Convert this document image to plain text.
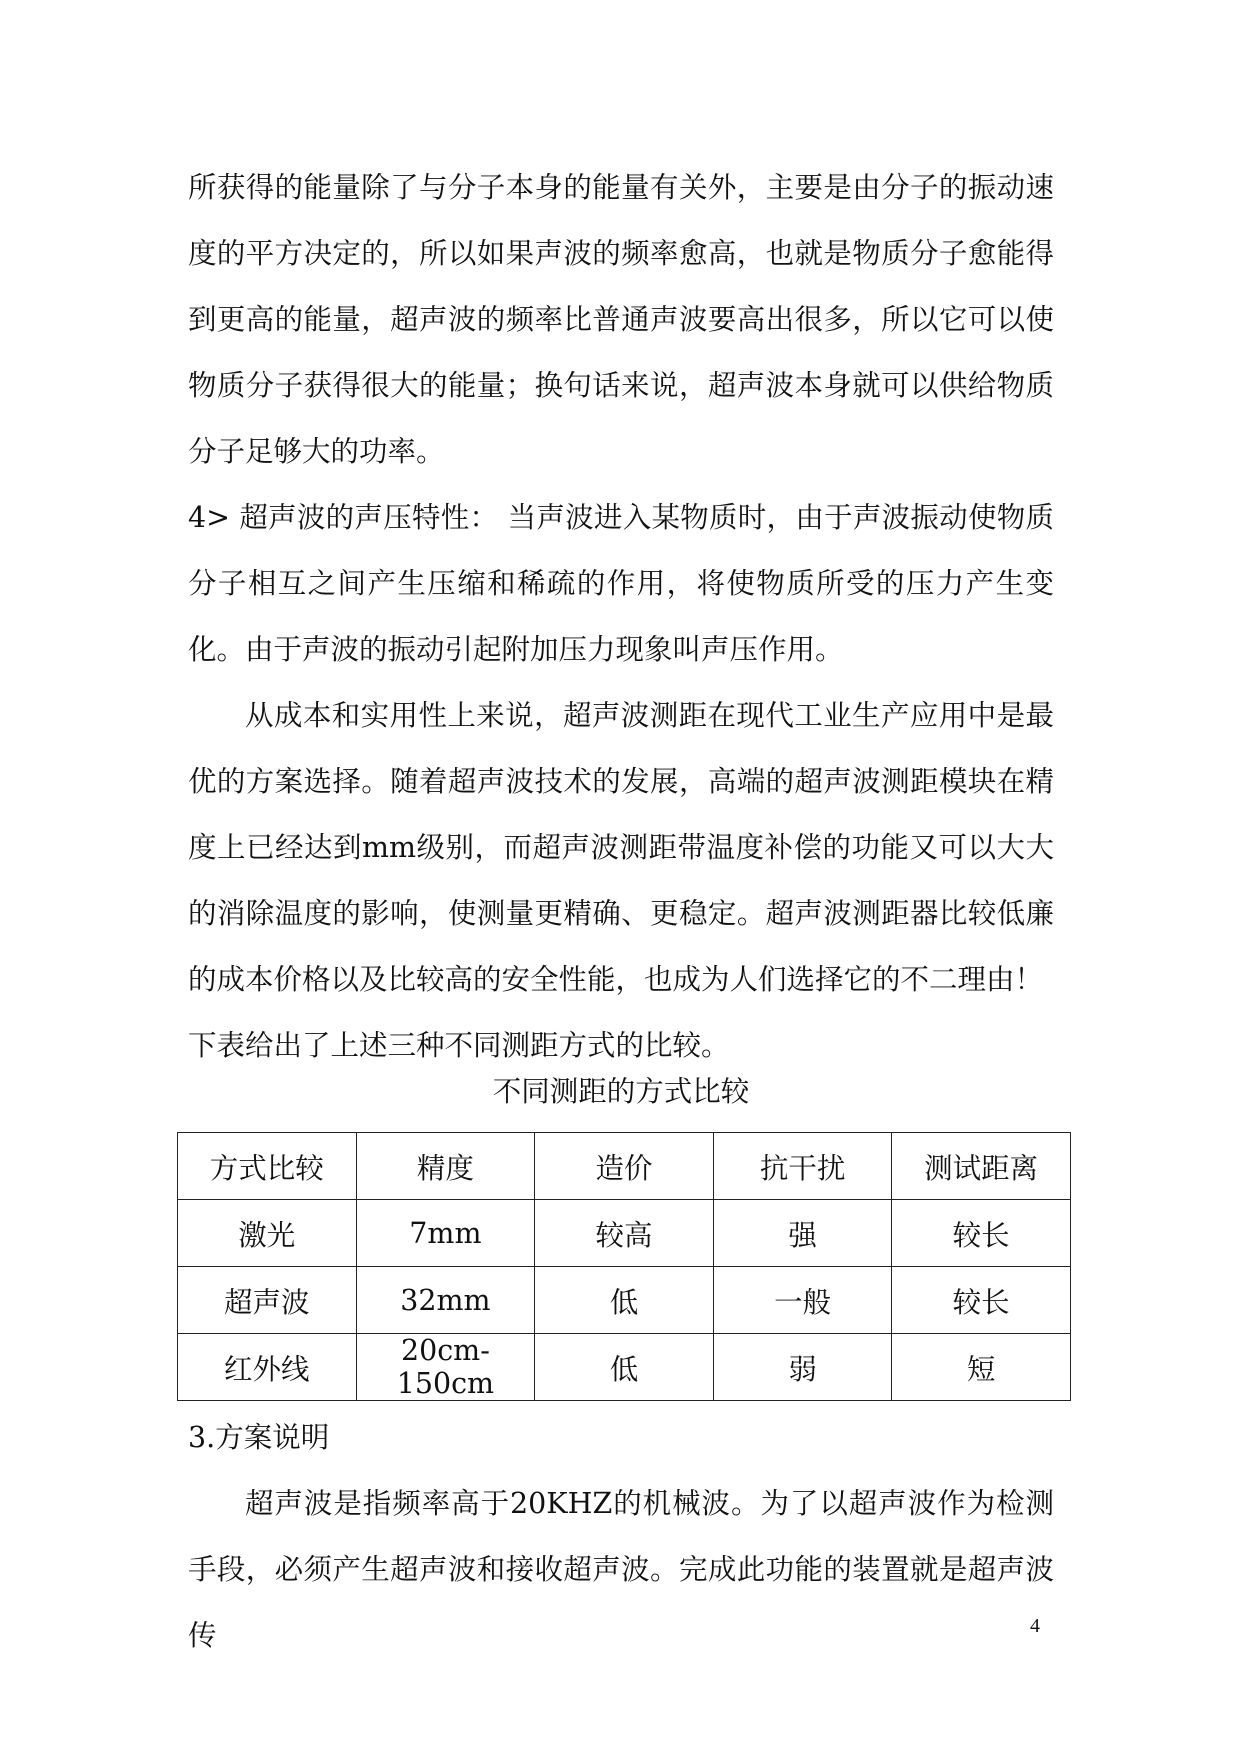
所获得的能量除了与分子本身的能量有关外，主要是由分子的振动速度的平方决定的，所以如果声波的频率愈高，也就是物质分子愈能得到更高的能量，超声波的频率比普通声波要高出很多，所以它可以使物质分子获得很大的能量；换句话来说，超声波本身就可以供给物质分子足够大的功率。

4> 超声波的声压特性： 当声波进入某物质时，由于声波振动使物质分子相互之间产生压缩和稀疏的作用，将使物质所受的压力产生变化。由于声波的振动引起附加压力现象叫声压作用。

从成本和实用性上来说，超声波测距在现代工业生产应用中是最优的方案选择。随着超声波技术的发展，高端的超声波测距模块在精度上已经达到mm级别，而超声波测距带温度补偿的功能又可以大大的消除温度的影响，使测量更精确、更稳定。超声波测距器比较低廉的成本价格以及比较高的安全性能，也成为人们选择它的不二理由！

下表给出了上述三种不同测距方式的比较。

不同测距的方式比较
方式比较	精度	造价	抗干扰	测试距离
激光	7mm	较高	强	较长
超声波	32mm	低	一般	较长
红外线	20cm-150cm	低	弱	短

3.方案说明

超声波是指频率高于20KHZ的机械波。为了以超声波作为检测手段，必须产生超声波和接收超声波。完成此功能的装置就是超声波传	4
